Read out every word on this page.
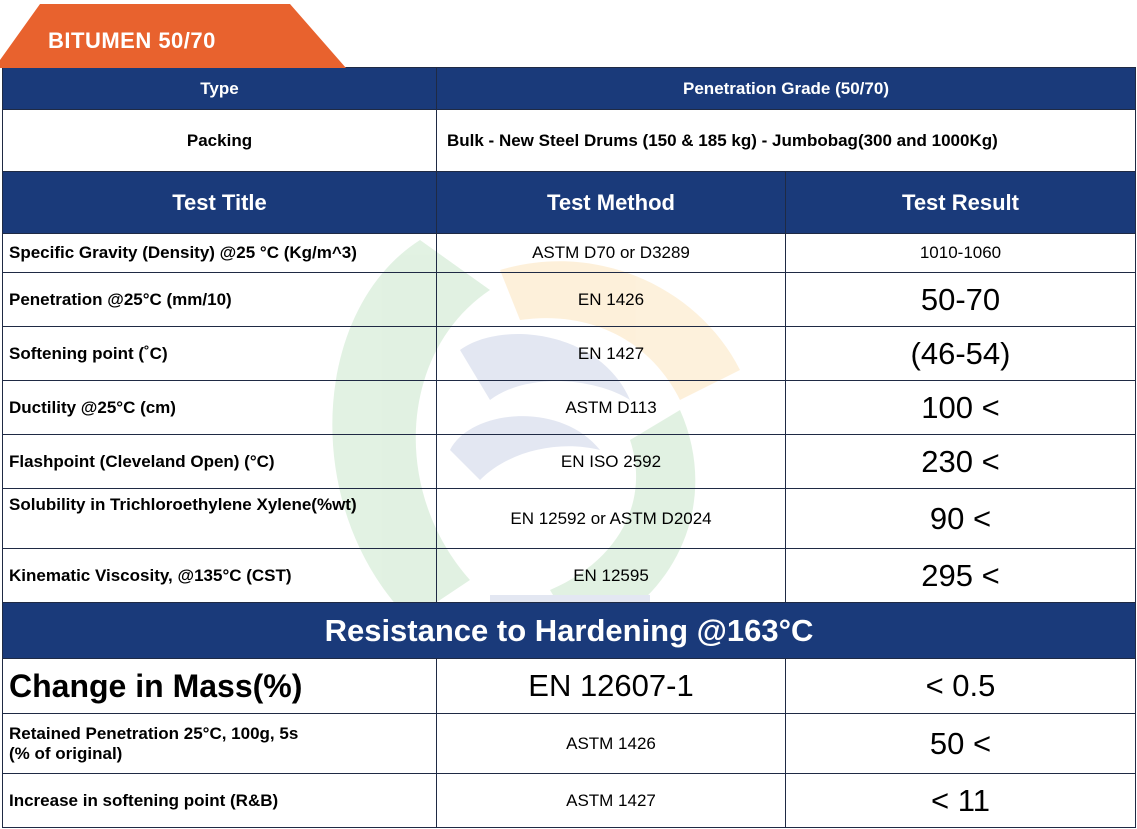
BITUMEN 50/70
Type	Penetration Grade (50/70)	
Packing	Bulk - New Steel Drums (150 & 185 kg) - Jumbobag(300 and 1000Kg)	
Test Title	Test Method	Test Result
Specific Gravity (Density) @25 °C (Kg/m^3)	ASTM D70 or D3289	1010-1060
Penetration @25°C (mm/10)	EN 1426	50-70
Softening point (˚C)	EN 1427	(46-54)
Ductility @25°C (cm)	ASTM D113	100 <
Flashpoint (Cleveland Open) (°C)	EN ISO 2592	230 <
Solubility in Trichloroethylene Xylene(%wt)	EN 12592 or ASTM D2024	90 <
Kinematic Viscosity, @135°C (CST)	EN 12595	295 <
Resistance to Hardening @163°C		
Change in Mass(%)	EN 12607-1	< 0.5

Retained Penetration 25°C, 100g, 5s
(% of original)	ASTM 1426	50 <
Increase in softening point (R&B)	ASTM 1427	< 11
